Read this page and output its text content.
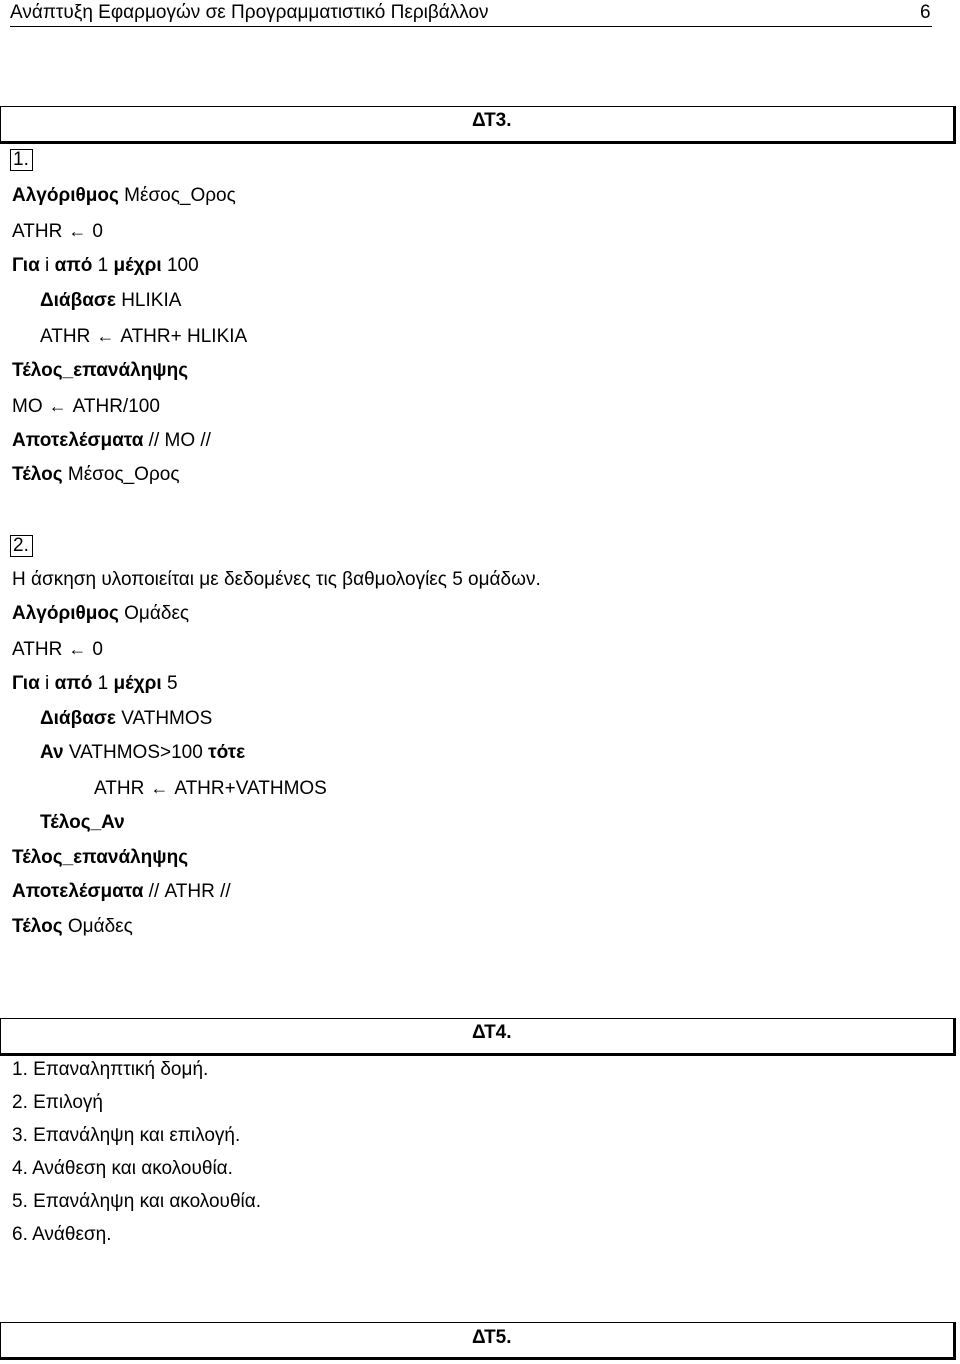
Ανάπτυξη Εφαρμογών σε Προγραμματιστικό Περιβάλλον	6
ΔΤ3.
1.
Αλγόριθμος Μέσος_Ορος
ATHR ← 0
Για i από 1 μέχρι 100
Διάβασε HLIKIA
ATHR ← ATHR+ HLIKIA
Τέλος_επανάληψης
MO ← ATHR/100
Αποτελέσματα // MO //
Τέλος Μέσος_Ορος
2.
Η άσκηση υλοποιείται με δεδομένες τις βαθμολογίες 5 ομάδων.
Αλγόριθμος Ομάδες
ATHR ← 0
Για i από 1 μέχρι 5
Διάβασε VATHMOS
Αν VATHMOS>100 τότε
ATHR ← ATHR+VATHMOS
Τέλος_Αν
Τέλος_επανάληψης
Αποτελέσματα // ATHR //
Τέλος Ομάδες
ΔΤ4.
1. Επαναληπτική δομή.
2. Επιλογή
3. Επανάληψη και επιλογή.
4. Ανάθεση και ακολουθία.
5. Επανάληψη και ακολουθία.
6. Ανάθεση.
ΔΤ5.
